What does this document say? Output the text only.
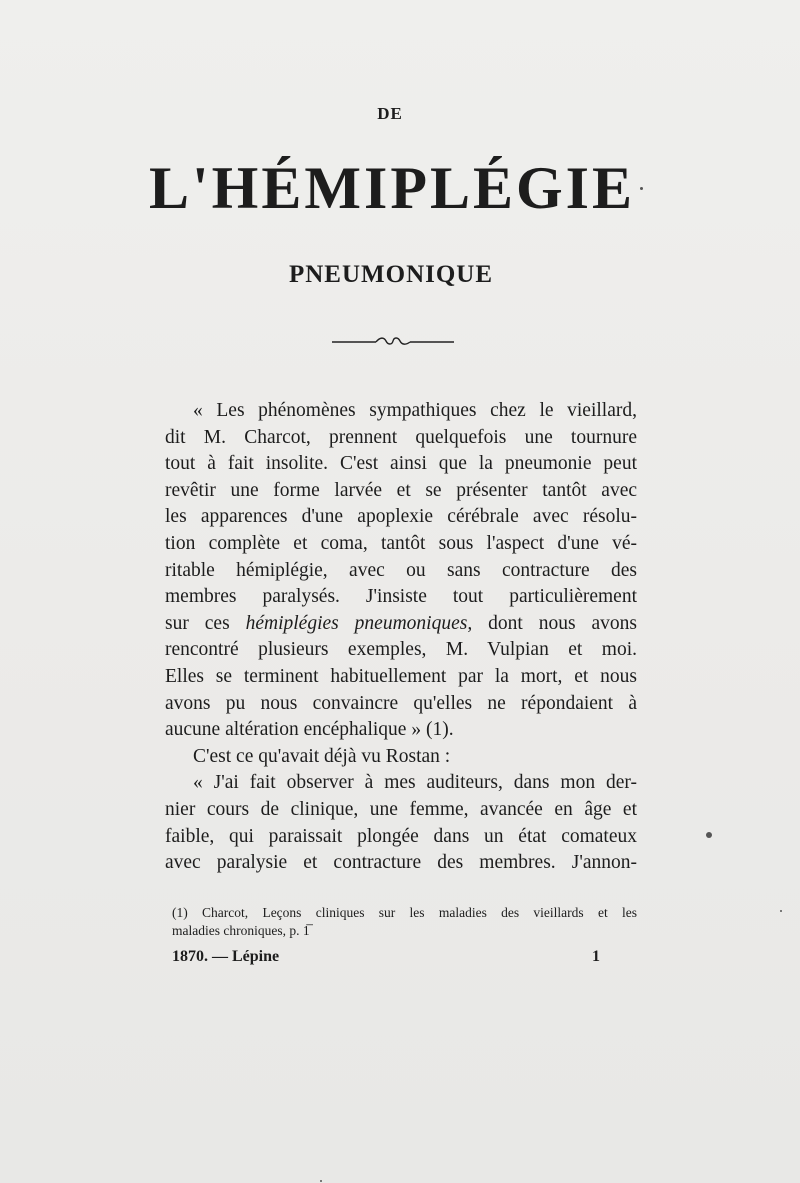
DE
L'HÉMIPLÉGIE
PNEUMONIQUE

« Les phénomènes sympathiques chez le vieillard,
dit M. Charcot, prennent quelquefois une tournure
tout à fait insolite. C'est ainsi que la pneumonie peut
revêtir une forme larvée et se présenter tantôt avec
les apparences d'une apoplexie cérébrale avec résolu-
tion complète et coma, tantôt sous l'aspect d'une vé-
ritable hémiplégie, avec ou sans contracture des
membres paralysés. J'insiste tout particulièrement
sur ces hémiplégies pneumoniques, dont nous avons
rencontré plusieurs exemples, M. Vulpian et moi.
Elles se terminent habituellement par la mort, et nous
avons pu nous convaincre qu'elles ne répondaient à
aucune altération encéphalique » (1).

C'est ce qu'avait déjà vu Rostan :

« J'ai fait observer à mes auditeurs, dans mon der-
nier cours de clinique, une femme, avancée en âge et
faible, qui paraissait plongée dans un état comateux
avec paralysie et contracture des membres. J'annon-

(1) Charcot, Leçons cliniques sur les maladies des vieillards et les
maladies chroniques, p. 1̅
1870. — Lépine	1
